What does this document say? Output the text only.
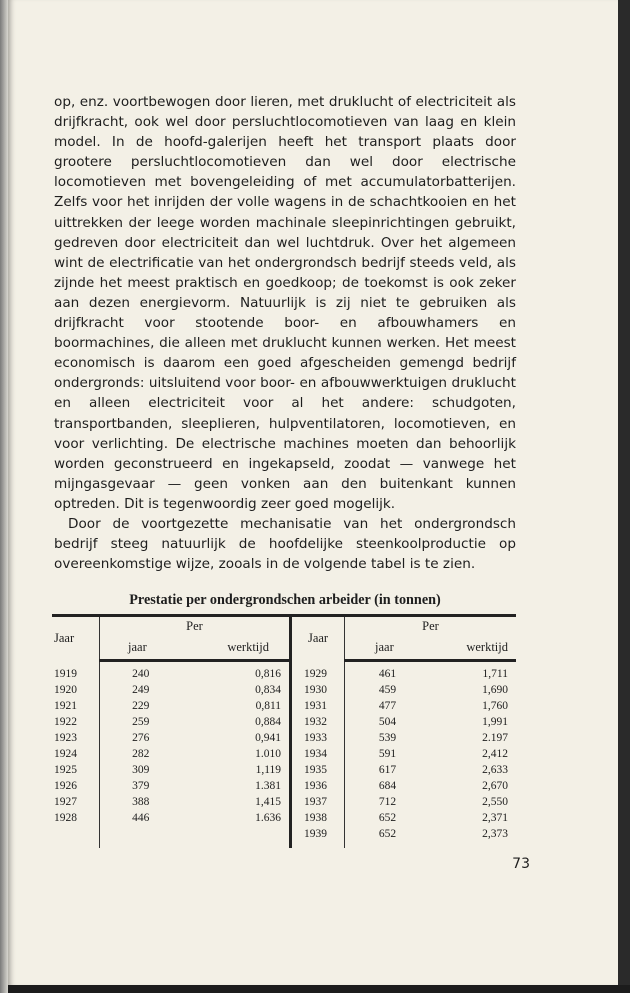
op, enz. voortbewogen door lieren, met druklucht of electriciteit als drijfkracht, ook wel door persluchtlocomotieven van laag en klein model. In de hoofd-galerijen heeft het transport plaats door grootere persluchtlocomotieven dan wel door electrische locomotieven met bovengeleiding of met accumulatorbatterijen. Zelfs voor het inrijden der volle wagens in de schachtkooien en het uittrekken der leege worden machinale sleepinrichtingen gebruikt, gedreven door electriciteit dan wel luchtdruk. Over het algemeen wint de electrificatie van het ondergrondsch bedrijf steeds veld, als zijnde het meest praktisch en goedkoop; de toekomst is ook zeker aan dezen energievorm. Natuurlijk is zij niet te gebruiken als drijfkracht voor stootende boor- en afbouwhamers en boormachines, die alleen met druklucht kunnen werken. Het meest economisch is daarom een goed afgescheiden gemengd bedrijf ondergronds: uitsluitend voor boor- en afbouwwerktuigen druklucht en alleen electriciteit voor al het andere: schudgoten, transportbanden, sleeplieren, hulpventilatoren, locomotieven, en voor verlichting. De electrische machines moeten dan behoorlijk worden geconstrueerd en ingekapseld, zoodat — vanwege het mijngasgevaar — geen vonken aan den buitenkant kunnen optreden. Dit is tegenwoordig zeer goed mogelijk.

Door de voortgezette mechanisatie van het ondergrondsch bedrijf steeg natuurlijk de hoofdelijke steenkoolproductie op overeenkomstige wijze, zooals in de volgende tabel is te zien.

Prestatie per ondergrondschen arbeider (in tonnen)
Jaar	Per		Jaar	Per	
	jaar	werktijd		jaar	werktijd

1919	240	0,816	1929	461	1,711
1920	249	0,834	1930	459	1,690
1921	229	0,811	1931	477	1,760
1922	259	0,884	1932	504	1,991
1923	276	0,941	1933	539	2.197
1924	282	1.010	1934	591	2,412
1925	309	1,119	1935	617	2,633
1926	379	1.381	1936	684	2,670
1927	388	1,415	1937	712	2,550
1928	446	1.636	1938	652	2,371
			1939	652	2,373

73
